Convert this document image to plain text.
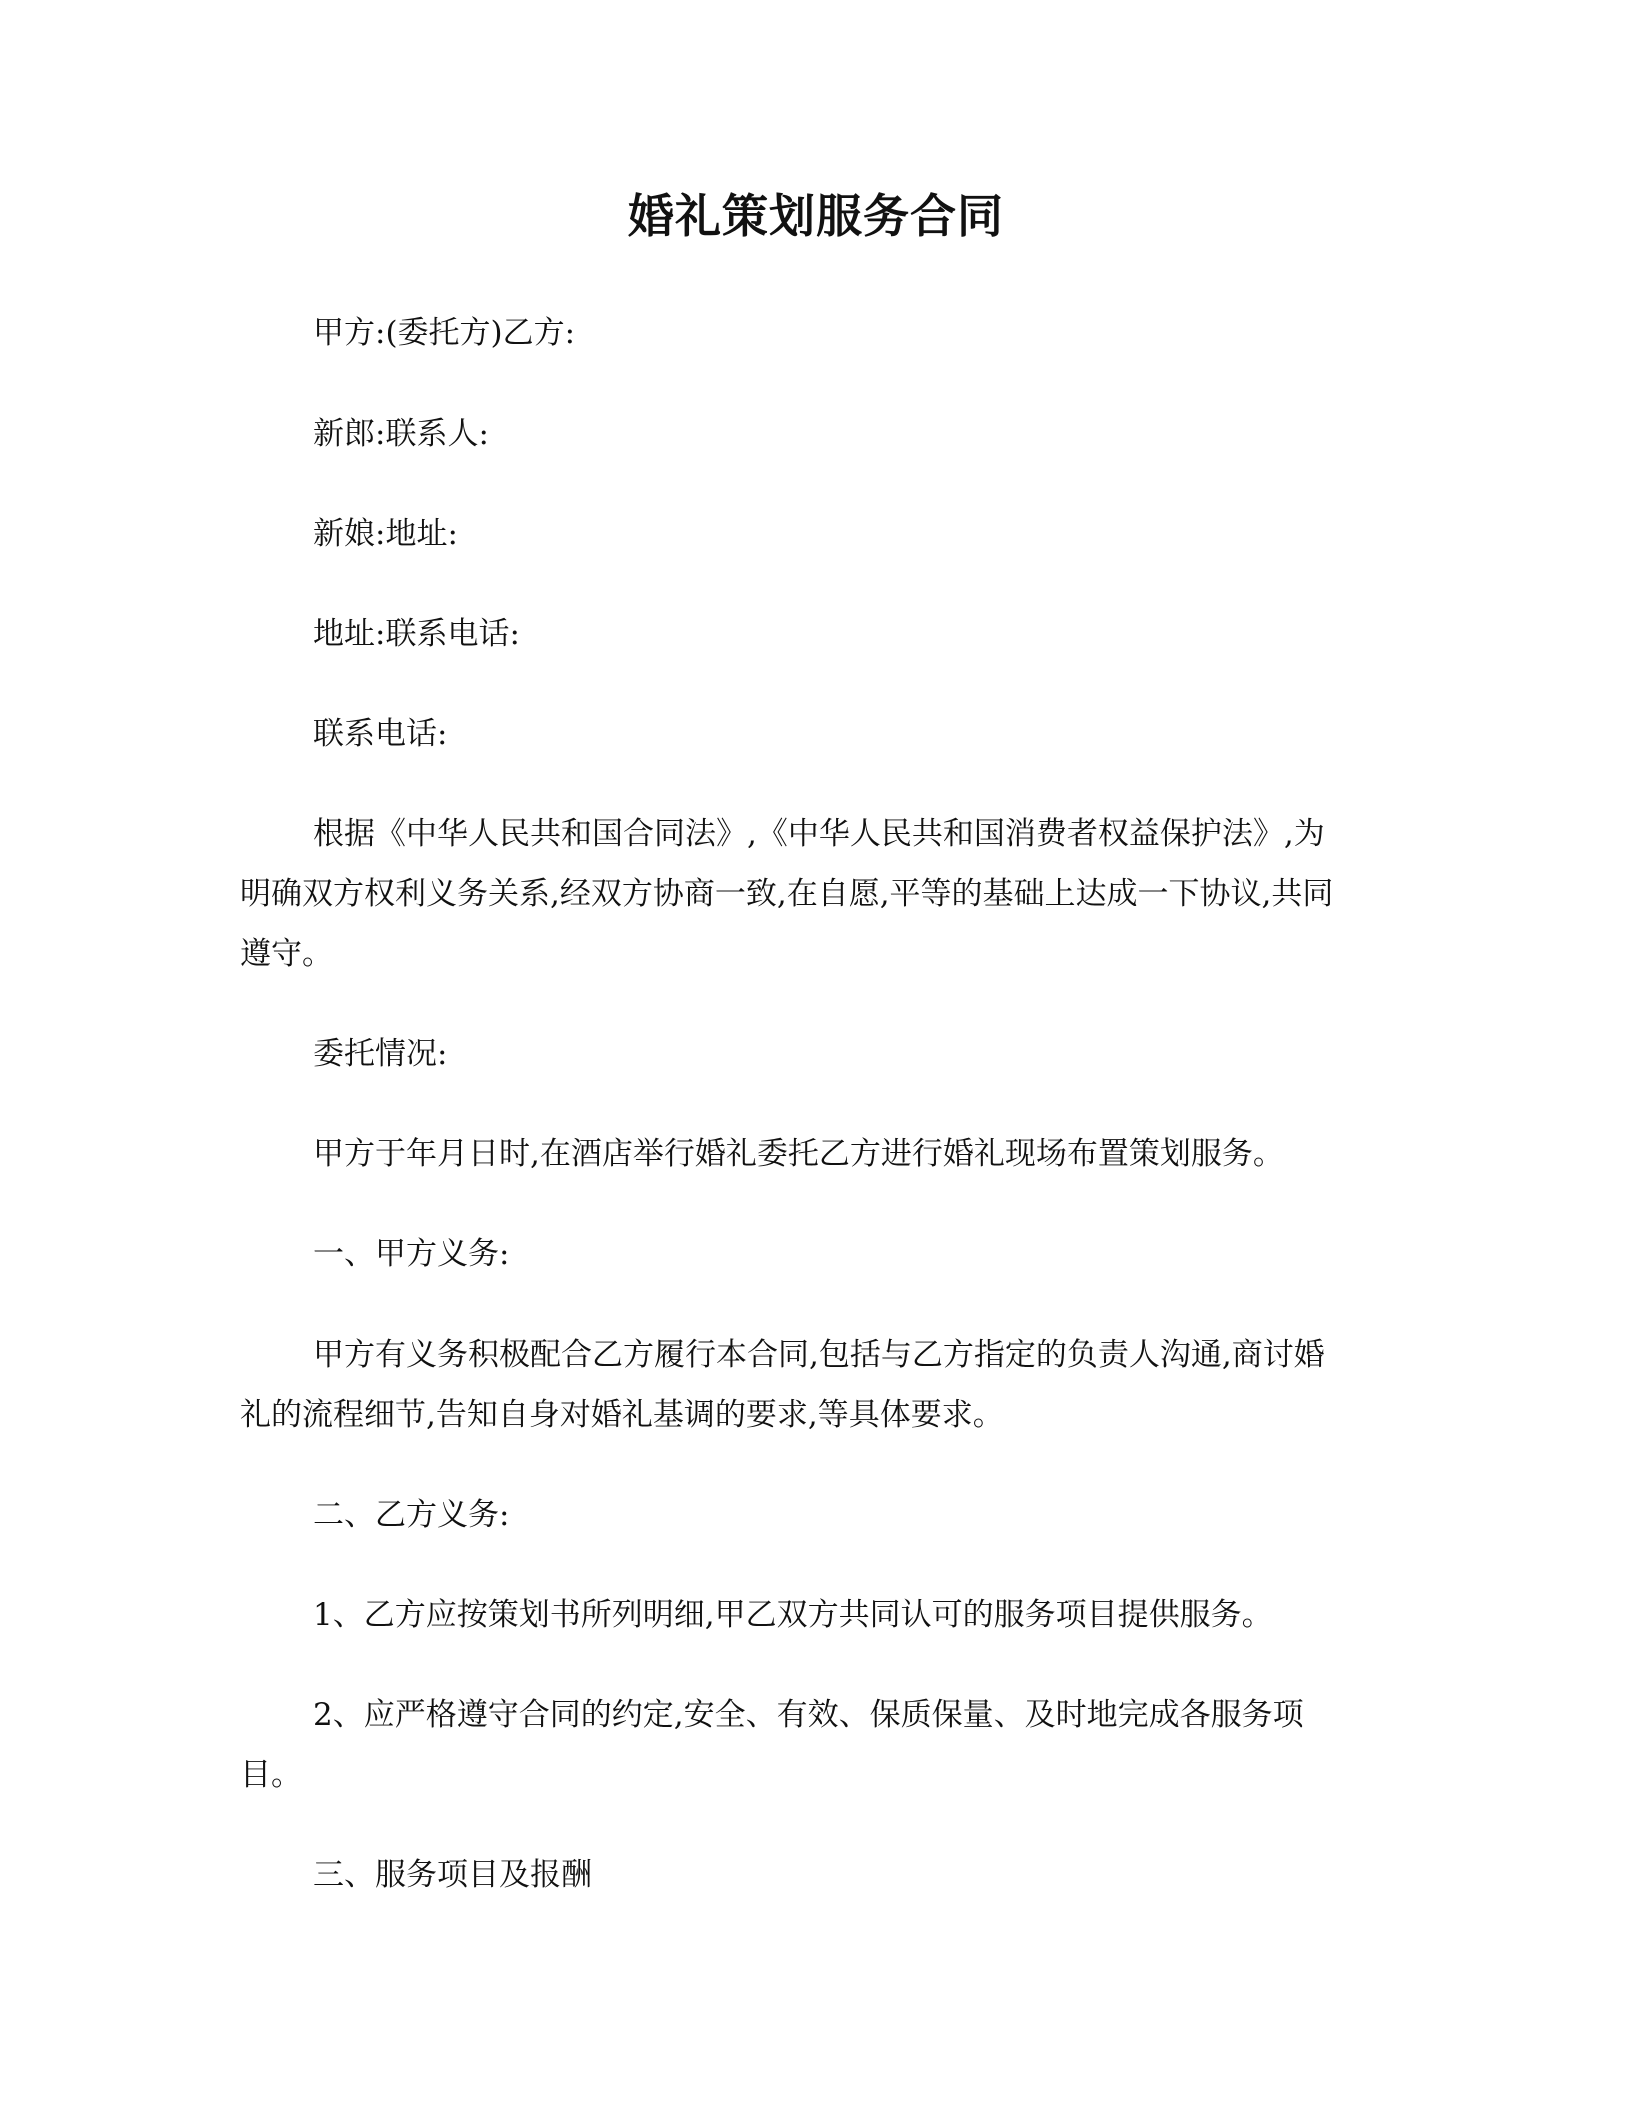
婚礼策划服务合同
甲方:(委托方)乙方:
新郎:联系人:
新娘:地址:
地址:联系电话:
联系电话:
根据《中华人民共和国合同法》,《中华人民共和国消费者权益保护法》,为
明确双方权利义务关系,经双方协商一致,在自愿,平等的基础上达成一下协议,共同
遵守。
委托情况:
甲方于年月日时,在酒店举行婚礼委托乙方进行婚礼现场布置策划服务。
一、甲方义务:
甲方有义务积极配合乙方履行本合同,包括与乙方指定的负责人沟通,商讨婚
礼的流程细节,告知自身对婚礼基调的要求,等具体要求。
二、乙方义务:
1、乙方应按策划书所列明细,甲乙双方共同认可的服务项目提供服务。
2、应严格遵守合同的约定,安全、有效、保质保量、及时地完成各服务项
目。
三、服务项目及报酬
